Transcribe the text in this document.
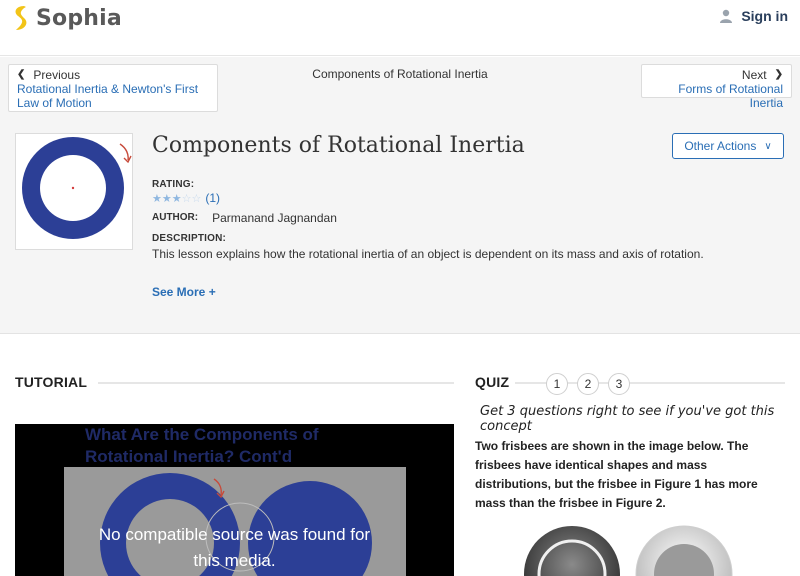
Sophia	Sign in
❮ Previous
Rotational Inertia & Newton's First Law of Motion
Components of Rotational Inertia	Next ❯
Forms of Rotational Inertia
Components of Rotational Inertia	Other Actions ∨
RATING:
★★★☆☆ (1)
AUTHOR: Parmanand Jagnandan
DESCRIPTION:
This lesson explains how the rotational inertia of an object is dependent on its mass and axis of rotation.
See More +
TUTORIAL
What Are the Components of Rotational Inertia? Cont'd
No compatible source was found for this media.
QUIZ	1	2	3
Get 3 questions right to see if you've got this concept
Two frisbees are shown in the image below. The frisbees have identical shapes and mass distributions, but the frisbee in Figure 1 has more mass than the frisbee in Figure 2.
